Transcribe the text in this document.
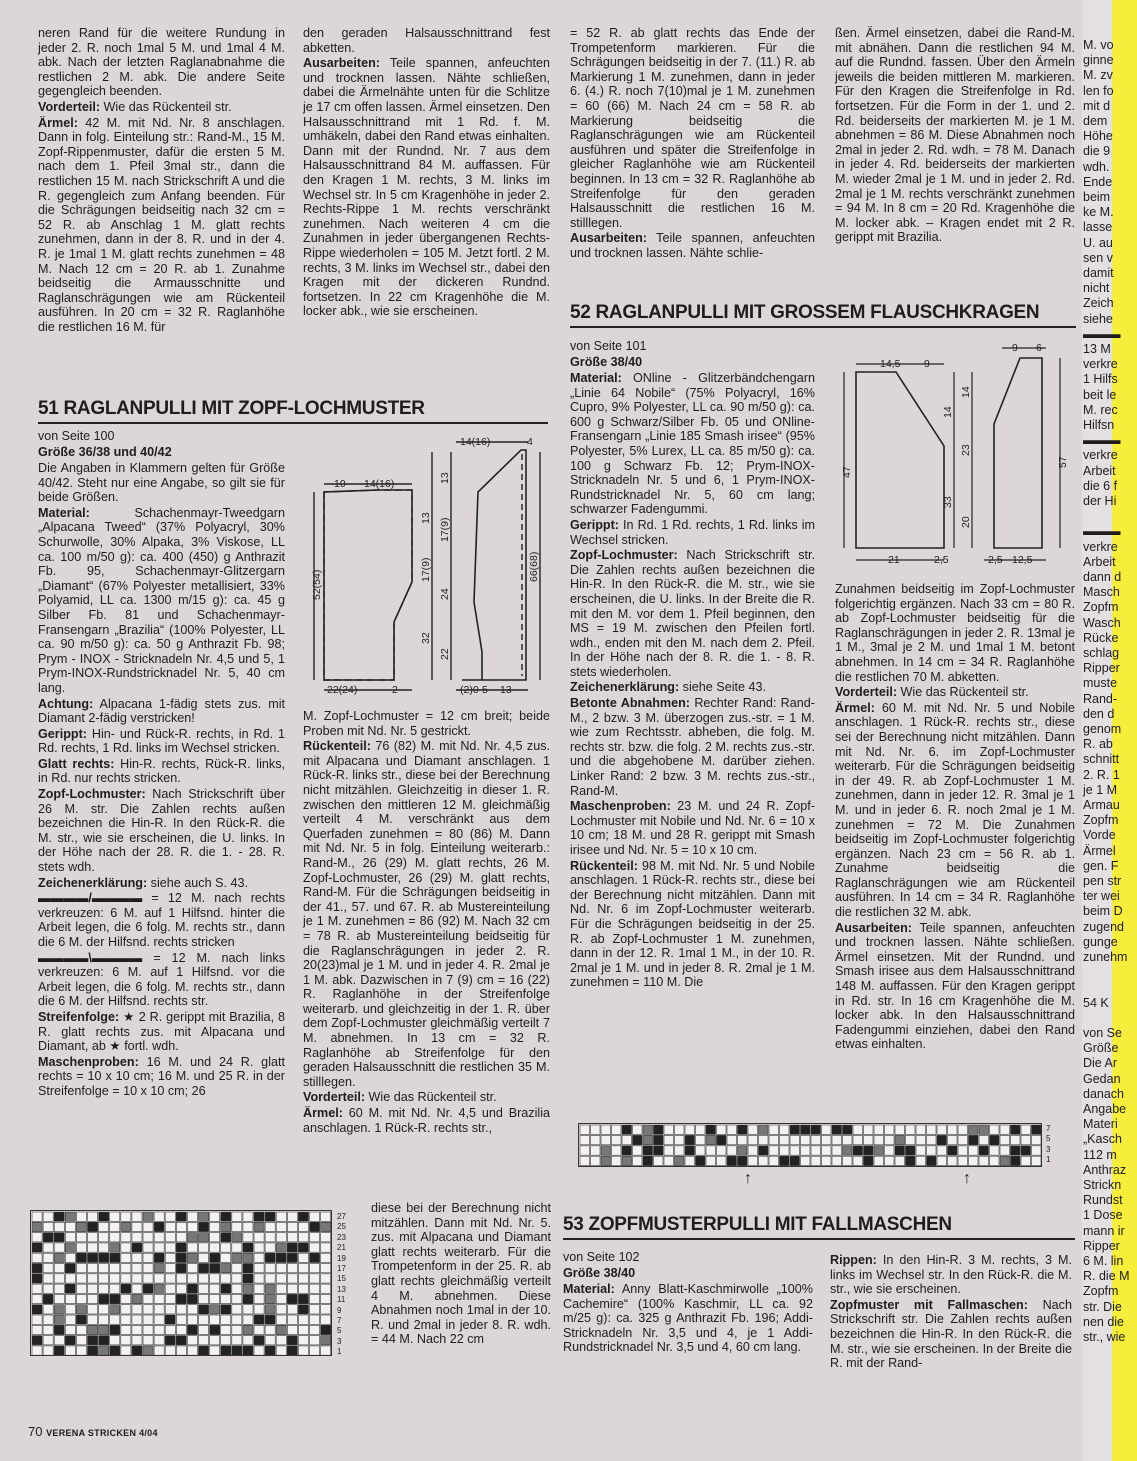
neren Rand für die weitere Rundung in jeder 2. R. noch 1mal 5 M. und 1mal 4 M. abk. Nach der letzten Raglanabnahme die restlichen 2 M. abk. Die andere Seite gegengleich beenden.

Vorderteil: Wie das Rückenteil str.

Ärmel: 42 M. mit Nd. Nr. 8 anschlagen. Dann in folg. Einteilung str.: Rand-M., 15 M. Zopf-Rippenmuster, dafür die ersten 5 M. nach dem 1. Pfeil 3mal str., dann die restlichen 15 M. nach Strickschrift A und die R. gegengleich zum Anfang beenden. Für die Schrägungen beidseitig nach 32 cm = 52 R. ab Anschlag 1 M. glatt rechts zunehmen, dann in der 8. R. und in der 4. R. je 1mal 1 M. glatt rechts zunehmen = 48 M. Nach 12 cm = 20 R. ab 1. Zunahme beidseitig die Armausschnitte und Raglanschrägungen wie am Rückenteil ausführen. In 20 cm = 32 R. Raglanhöhe die restlichen 16 M. für

den geraden Halsausschnittrand fest abketten.

Ausarbeiten: Teile spannen, anfeuchten und trocknen lassen. Nähte schließen, dabei die Ärmelnähte unten für die Schlitze je 17 cm offen lassen. Ärmel einsetzen. Den Halsausschnittrand mit 1 Rd. f. M. umhäkeln, dabei den Rand etwas einhalten. Dann mit der Rundnd. Nr. 7 aus dem Halsausschnittrand 84 M. auffassen. Für den Kragen 1 M. rechts, 3 M. links im Wechsel str. In 5 cm Kragenhöhe in jeder 2. Rechts-Rippe 1 M. rechts verschränkt zunehmen. Nach weiteren 4 cm die Zunahmen in jeder übergangenen Rechts-Rippe wiederholen = 105 M. Jetzt fortl. 2 M. rechts, 3 M. links im Wechsel str., dabei den Kragen mit der dickeren Rundnd. fortsetzen. In 22 cm Kragenhöhe die M. locker abk., wie sie erscheinen.

= 52 R. ab glatt rechts das Ende der Trompetenform markieren. Für die Schrägungen beidseitig in der 7. (11.) R. ab Markierung 1 M. zunehmen, dann in jeder 6. (4.) R. noch 7(10)mal je 1 M. zunehmen = 60 (66) M. Nach 24 cm = 58 R. ab Markierung beidseitig die Raglanschrägungen wie am Rückenteil ausführen und später die Streifenfolge in gleicher Raglanhöhe wie am Rückenteil beginnen. In 13 cm = 32 R. Raglanhöhe ab Streifenfolge für den geraden Halsausschnitt die restlichen 16 M. stilllegen.

Ausarbeiten: Teile spannen, anfeuchten und trocknen lassen. Nähte schlie-

ßen. Ärmel einsetzen, dabei die Rand-M. mit abnähen. Dann die restlichen 94 M. auf die Rundnd. fassen. Über den Ärmeln jeweils die beiden mittleren M. markieren. Für den Kragen die Streifenfolge in Rd. fortsetzen. Für die Form in der 1. und 2. Rd. beiderseits der markierten M. je 1 M. abnehmen = 86 M. Diese Abnahmen noch 2mal in jeder 2. Rd. wdh. = 78 M. Danach in jeder 4. Rd. beiderseits der markierten M. wieder 2mal je 1 M. und in jeder 2. Rd. 2mal je 1 M. rechts verschränkt zunehmen = 94 M. In 8 cm = 20 Rd. Kragenhöhe die M. locker abk. – Kragen endet mit 2 R. gerippt mit Brazilia.

51 RAGLANPULLI MIT ZOPF-LOCHMUSTER
von Seite 100
Größe 36/38 und 40/42

Die Angaben in Klammern gelten für Größe 40/42. Steht nur eine Angabe, so gilt sie für beide Größen.

Material: Schachenmayr-Tweedgarn „Alpacana Tweed“ (37% Polyacryl, 30% Schurwolle, 30% Alpaka, 3% Viskose, LL ca. 100 m/50 g): ca. 400 (450) g Anthrazit Fb. 95, Schachenmayr-Glitzergarn „Diamant“ (67% Polyester metallisiert, 33% Polyamid, LL ca. 1300 m/15 g): ca. 45 g Silber Fb. 81 und Schachenmayr-Fransengarn „Brazilia“ (100% Polyester, LL ca. 90 m/50 g): ca. 50 g Anthrazit Fb. 98; Prym - INOX - Stricknadeln Nr. 4,5 und 5, 1 Prym-INOX-Rundstricknadel Nr. 5, 40 cm lang.

Achtung: Alpacana 1-fädig stets zus. mit Diamant 2-fädig verstricken!

Gerippt: Hin- und Rück-R. rechts, in Rd. 1 Rd. rechts, 1 Rd. links im Wechsel stricken.

Glatt rechts: Hin-R. rechts, Rück-R. links, in Rd. nur rechts stricken.

Zopf-Lochmuster: Nach Strickschrift über 26 M. str. Die Zahlen rechts außen bezeichnen die Hin-R. In den Rück-R. die M. str., wie sie erscheinen, die U. links. In der Höhe nach der 28. R. die 1. - 28. R. stets wdh.

Zeichenerklärung: siehe auch S. 43.

▬▬▬▬/▬▬▬▬ = 12 M. nach rechts verkreuzen: 6 M. auf 1 Hilfsnd. hinter die Arbeit legen, die 6 folg. M. rechts str., dann die 6 M. der Hilfsnd. rechts stricken

▬▬▬▬\▬▬▬▬ = 12 M. nach links verkreuzen: 6 M. auf 1 Hilfsnd. vor die Arbeit legen, die 6 folg. M. rechts str., dann die 6 M. der Hilfsnd. rechts str.

Streifenfolge: ★ 2 R. gerippt mit Brazilia, 8 R. glatt rechts zus. mit Alpacana und Diamant, ab ★ fortl. wdh.

Maschenproben: 16 M. und 24 R. glatt rechts = 10 x 10 cm; 16 M. und 25 R. in der Streifenfolge = 10 x 10 cm; 26

14(16)	4
10 14(16)
22(24)	2	(2)0 5 13
52(54)
13
17(9)
32
13
17(9)
24
22
66(68)

M. Zopf-Lochmuster = 12 cm breit; beide Proben mit Nd. Nr. 5 gestrickt.

Rückenteil: 76 (82) M. mit Nd. Nr. 4,5 zus. mit Alpacana und Diamant anschlagen. 1 Rück-R. links str., diese bei der Berechnung nicht mitzählen. Gleichzeitig in dieser 1. R. zwischen den mittleren 12 M. gleichmäßig verteilt 4 M. verschränkt aus dem Querfaden zunehmen = 80 (86) M. Dann mit Nd. Nr. 5 in folg. Einteilung weiterarb.: Rand-M., 26 (29) M. glatt rechts, 26 M. Zopf-Lochmuster, 26 (29) M. glatt rechts, Rand-M. Für die Schrägungen beidseitig in der 41., 57. und 67. R. ab Mustereinteilung je 1 M. zunehmen = 86 (92) M. Nach 32 cm = 78 R. ab Mustereinteilung beidseitig für die Raglanschrägungen in jeder 2. R. 20(23)mal je 1 M. und in jeder 4. R. 2mal je 1 M. abk. Dazwischen in 7 (9) cm = 16 (22) R. Raglanhöhe in der Streifenfolge weiterarb. und gleichzeitig in der 1. R. über dem Zopf-Lochmuster gleichmäßig verteilt 7 M. abnehmen. In 13 cm = 32 R. Raglanhöhe ab Streifenfolge für den geraden Halsausschnitt die restlichen 35 M. stilllegen.

Vorderteil: Wie das Rückenteil str.

Ärmel: 60 M. mit Nd. Nr. 4,5 und Brazilia anschlagen. 1 Rück-R. rechts str.,

diese bei der Berechnung nicht mitzählen. Dann mit Nd. Nr. 5. zus. mit Alpacana und Diamant glatt rechts weiterarb. Für die Trompetenform in der 25. R. ab glatt rechts gleichmäßig verteilt 4 M. abnehmen. Diese Abnahmen noch 1mal in der 10. R. und 2mal in jeder 8. R. wdh. = 44 M. Nach 22 cm
27
25
23
21
19
17
15
13
11
9
7
5
3
1
52 RAGLANPULLI MIT GROSSEM FLAUSCHKRAGEN
von Seite 101
Größe 38/40

Material: ONline - Glitzerbändchengarn „Linie 64 Nobile“ (75% Polyacryl, 16% Cupro, 9% Polyester, LL ca. 90 m/50 g): ca. 600 g Schwarz/Silber Fb. 05 und ONline-Fransengarn „Linie 185 Smash irisee“ (95% Polyester, 5% Lurex, LL ca. 85 m/50 g): ca. 100 g Schwarz Fb. 12; Prym-INOX-Stricknadeln Nr. 5 und 6, 1 Prym-INOX-Rundstricknadel Nr. 5, 60 cm lang; schwarzer Fadengummi.

Gerippt: In Rd. 1 Rd. rechts, 1 Rd. links im Wechsel stricken.

Zopf-Lochmuster: Nach Strickschrift str. Die Zahlen rechts außen bezeichnen die Hin-R. In den Rück-R. die M. str., wie sie erscheinen, die U. links. In der Breite die R. mit den M. vor dem 1. Pfeil beginnen, den MS = 19 M. zwischen den Pfeilen fortl. wdh., enden mit den M. nach dem 2. Pfeil. In der Höhe nach der 8. R. die 1. - 8. R. stets wiederholen.

Zeichenerklärung: siehe Seite 43.

Betonte Abnahmen: Rechter Rand: Rand-M., 2 bzw. 3 M. überzogen zus.-str. = 1 M. wie zum Rechtsstr. abheben, die folg. M. rechts str. bzw. die folg. 2 M. rechts zus.-str. und die abgehobene M. darüber ziehen. Linker Rand: 2 bzw. 3 M. rechts zus.-str., Rand-M.

Maschenproben: 23 M. und 24 R. Zopf-Lochmuster mit Nobile und Nd. Nr. 6 = 10 x 10 cm; 18 M. und 28 R. gerippt mit Smash irisee und Nd. Nr. 5 = 10 x 10 cm.

Rückenteil: 98 M. mit Nd. Nr. 5 und Nobile anschlagen. 1 Rück-R. rechts str., diese bei der Berechnung nicht mitzählen. Dann mit Nd. Nr. 6 im Zopf-Lochmuster weiterarb. Für die Schrägungen beidseitig in der 25. R. ab Zopf-Lochmuster 1 M. zunehmen, dann in der 12. R. 1mal 1 M., in der 10. R. 2mal je 1 M. und in jeder 8. R. 2mal je 1 M. zunehmen = 110 M. Die

9 6
14,5 9
21	2,5	2,5 12,5
47
14
33
14
23
20
57

Zunahmen beidseitig im Zopf-Lochmuster folgerichtig ergänzen. Nach 33 cm = 80 R. ab Zopf-Lochmuster beidseitig für die Raglanschrägungen in jeder 2. R. 13mal je 1 M., 3mal je 2 M. und 1mal 1 M. betont abnehmen. In 14 cm = 34 R. Raglanhöhe die restlichen 70 M. abketten.

Vorderteil: Wie das Rückenteil str.

Ärmel: 60 M. mit Nd. Nr. 5 und Nobile anschlagen. 1 Rück-R. rechts str., diese sei der Berechnung nicht mitzählen. Dann mit Nd. Nr. 6. im Zopf-Lochmuster weiterarb. Für die Schrägungen beidseitig in der 49. R. ab Zopf-Lochmuster 1 M. zunehmen, dann in jeder 12. R. 3mal je 1 M. und in jeder 6. R. noch 2mal je 1 M. zunehmen = 72 M. Die Zunahmen beidseitig im Zopf-Lochmuster folgerichtig ergänzen. Nach 23 cm = 56 R. ab 1. Zunahme beidseitig die Raglanschrägungen wie am Rückenteil ausführen. In 14 cm = 34 R. Raglanhöhe die restlichen 32 M. abk.

Ausarbeiten: Teile spannen, anfeuchten und trocknen lassen. Nähte schließen. Ärmel einsetzen. Mit der Rundnd. und Smash irisee aus dem Halsausschnittrand 148 M. auffassen. Für den Kragen gerippt in Rd. str. In 16 cm Kragenhöhe die M. locker abk. In den Halsausschnittrand Fadengummi einziehen, dabei den Rand etwas einhalten.

7
5
3
1
↑	↑
53 ZOPFMUSTERPULLI MIT FALLMASCHEN
von Seite 102
Größe 38/40

Material: Anny Blatt-Kaschmirwolle „100% Cachemire“ (100% Kaschmir, LL ca. 92 m/25 g): ca. 325 g Anthrazit Fb. 196; Addi-Stricknadeln Nr. 3,5 und 4, je 1 Addi-Rundstricknadel Nr. 3,5 und 4, 60 cm lang.

Rippen: In den Hin-R. 3 M. rechts, 3 M. links im Wechsel str. In den Rück-R. die M. str., wie sie erscheinen.

Zopfmuster mit Fallmaschen: Nach Strickschrift str. Die Zahlen rechts außen bezeichnen die Hin-R. In den Rück-R. die M. str., wie sie erscheinen. In der Breite die R. mit der Rand-

70 VERENA STRICKEN 4/04
M. vo
ginne
M. zv
len fo
mit d
dem
Höhe
die 9
wdh.
Ende
beim
ke M.
lasse
U. au
sen v
damit
nicht
Zeich
siehe
▬▬▬
13 M
verkre
1 Hilfs
beit le
M. rec
Hilfsn
▬▬▬
verkre
Arbeit
die 6 f
der Hi
▬▬▬
verkre
Arbeit
dann d
Masch
Zopfm
Wasch
Rücke
schlag
Ripper
muste
Rand-
den d
genom
R. ab
schnitt
2. R. 1
je 1 M
Armau
Zopfm
Vorde
Ärmel
gen. F
pen str
ter wei
beim D
zugend
gunge
zunehm
54 K
von Se
Größe
Die Ar
Gedan
danach
Angabe
Materi
„Kasch
112 m
Anthraz
Strickn
Rundst
1 Dose
mann ir
Ripper
6 M. lin
R. die M
Zopfm
str. Die
nen die
str., wie
